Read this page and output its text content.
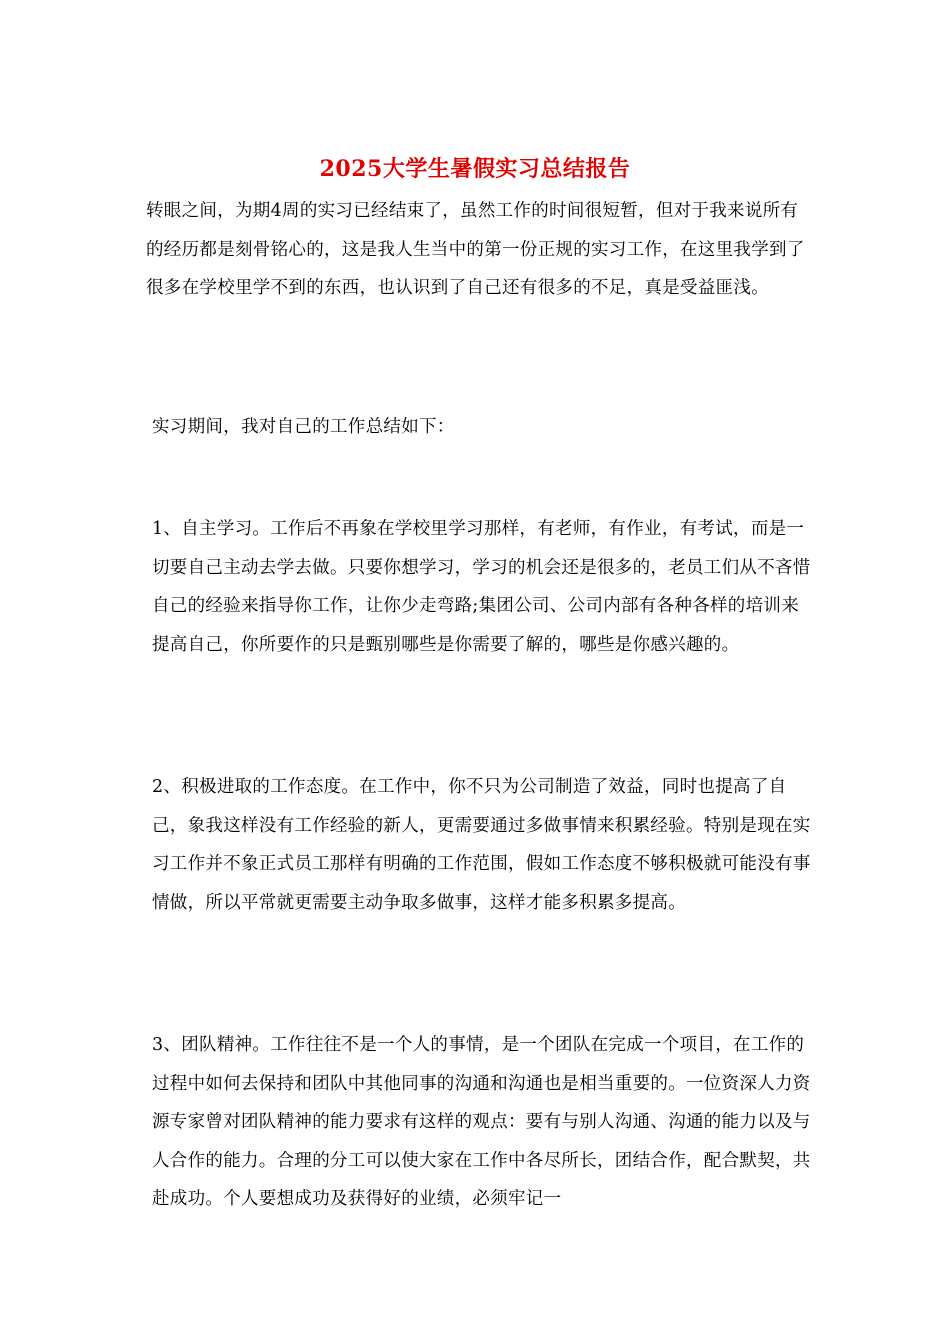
2025大学生暑假实习总结报告

转眼之间，为期4周的实习已经结束了，虽然工作的时间很短暂，但对于我来说所有的经历都是刻骨铭心的，这是我人生当中的第一份正规的实习工作，在这里我学到了很多在学校里学不到的东西，也认识到了自己还有很多的不足，真是受益匪浅。

实习期间，我对自己的工作总结如下：

1、自主学习。工作后不再象在学校里学习那样，有老师，有作业，有考试，而是一切要自己主动去学去做。只要你想学习，学习的机会还是很多的，老员工们从不吝惜自己的经验来指导你工作，让你少走弯路;集团公司、公司内部有各种各样的培训来提高自己，你所要作的只是甄别哪些是你需要了解的，哪些是你感兴趣的。

2、积极进取的工作态度。在工作中，你不只为公司制造了效益，同时也提高了自己，象我这样没有工作经验的新人，更需要通过多做事情来积累经验。特别是现在实习工作并不象正式员工那样有明确的工作范围，假如工作态度不够积极就可能没有事情做，所以平常就更需要主动争取多做事，这样才能多积累多提高。

3、团队精神。工作往往不是一个人的事情，是一个团队在完成一个项目，在工作的过程中如何去保持和团队中其他同事的沟通和沟通也是相当重要的。一位资深人力资源专家曾对团队精神的能力要求有这样的观点：要有与别人沟通、沟通的能力以及与人合作的能力。合理的分工可以使大家在工作中各尽所长，团结合作，配合默契，共赴成功。个人要想成功及获得好的业绩，必须牢记一
